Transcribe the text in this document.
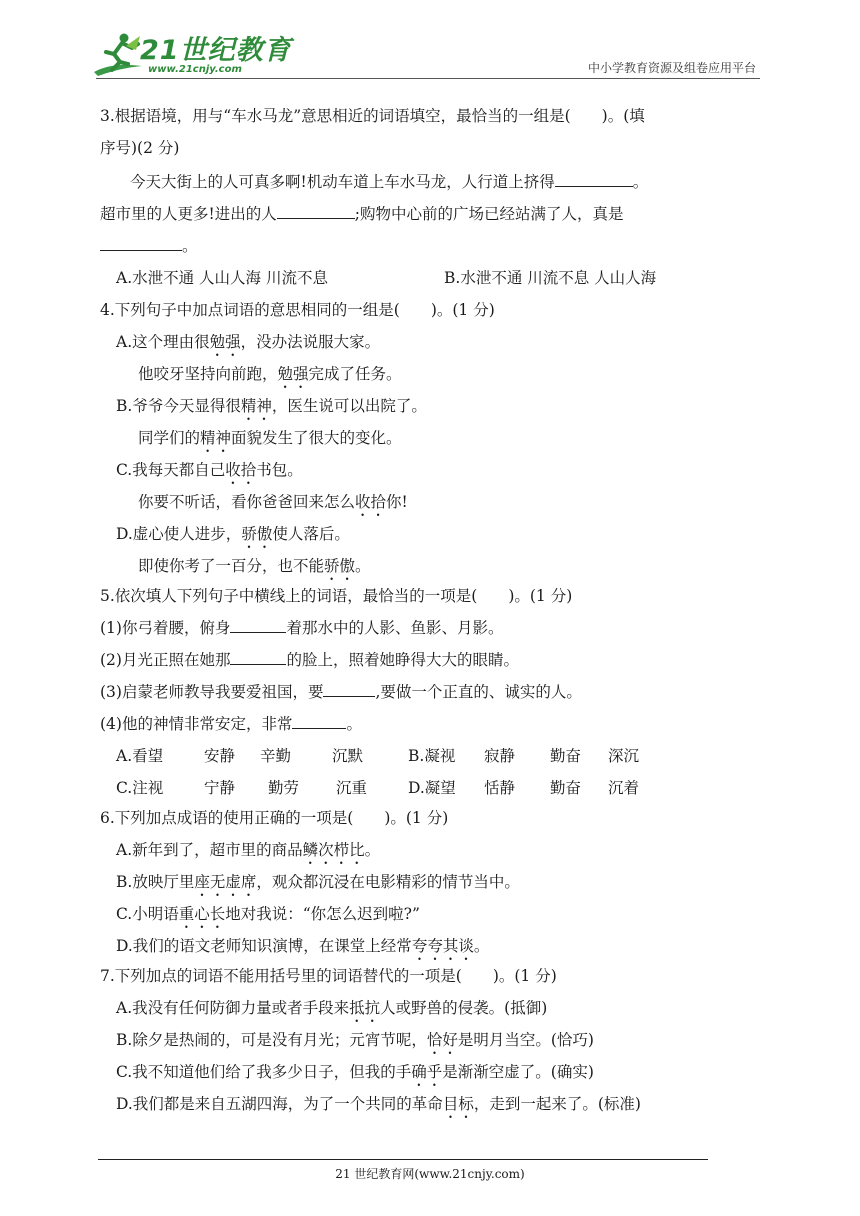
21世纪教育
www.21cnjy.com	中小学教育资源及组卷应用平台
3.根据语境，用与“车水马龙”意思相近的词语填空，最恰当的一组是(　　)。(填
序号)(2 分)
今天大街上的人可真多啊!机动车道上车水马龙，人行道上挤得	。
超市里的人更多!进出的人	;购物中心前的广场已经站满了人，真是
。
A.水泄不通 人山人海 川流不息	B.水泄不通 川流不息 人山人海
4.下列句子中加点词语的意思相同的一组是(　　)。(1 分)
A.这个理由很勉强，没办法说服大家。
他咬牙坚持向前跑，勉强完成了任务。
B.爷爷今天显得很精神，医生说可以出院了。
同学们的精神面貌发生了很大的变化。
C.我每天都自己收拾书包。
你要不听话，看你爸爸回来怎么收拾你!
D.虚心使人进步，骄傲使人落后。
即使你考了一百分，也不能骄傲。
5.依次填人下列句子中横线上的词语，最恰当的一项是(　　)。(1 分)
(1)你弓着腰，俯身	着那水中的人影、鱼影、月影。
(2)月光正照在她那	的脸上，照着她睁得大大的眼睛。
(3)启蒙老师教导我要爱祖国，要	,要做一个正直的、诚实的人。
(4)他的神情非常安定，非常	。
A.看望	安静 辛勤	沉默	B.凝视 寂静 勤奋 深沉
C.注视	宁静 勤劳 沉重	D.凝望 恬静 勤奋 沉着
6.下列加点成语的使用正确的一项是(　　)。(1 分)
A.新年到了，超市里的商品鳞次栉比。
B.放映厅里座无虚席，观众都沉浸在电影精彩的情节当中。
C.小明语重心长地对我说：“你怎么迟到啦?”
D.我们的语文老师知识演博，在课堂上经常夸夸其谈。
7.下列加点的词语不能用括号里的词语替代的一项是(　　)。(1 分)
A.我没有任何防御力量或者手段来抵抗人或野兽的侵袭。(抵御)
B.除夕是热闹的，可是没有月光；元宵节呢，恰好是明月当空。(恰巧)
C.我不知道他们给了我多少日子，但我的手确乎是渐渐空虚了。(确实)
D.我们都是来自五湖四海，为了一个共同的革命目标，走到一起来了。(标准)
21 世纪教育网(www.21cnjy.com)
